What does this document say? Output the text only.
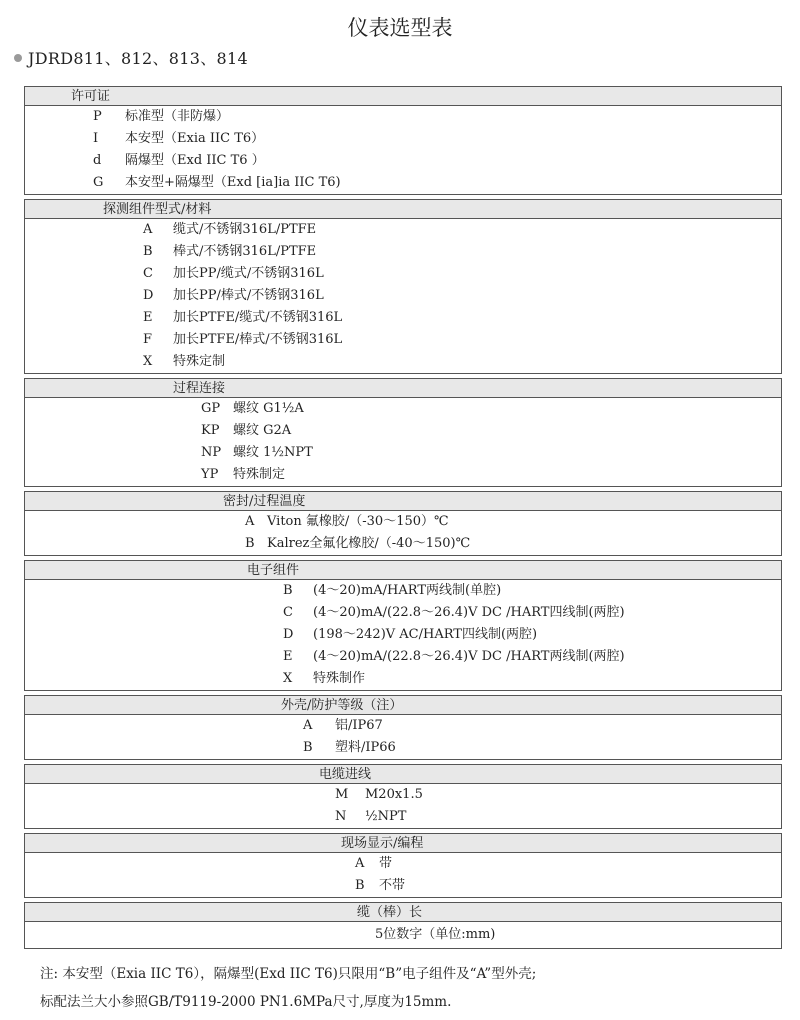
仪表选型表
JDRD811、812、813、814
许可证
P 标准型（非防爆）
I 本安型（Exia IIC T6）
d 隔爆型（Exd IIC T6 ）
G 本安型+隔爆型（Exd [ia]ia IIC T6)
探测组件型式/材料
A 缆式/不锈钢316L/PTFE
B 棒式/不锈钢316L/PTFE
C 加长PP/缆式/不锈钢316L
D 加长PP/棒式/不锈钢316L
E 加长PTFE/缆式/不锈钢316L
F 加长PTFE/棒式/不锈钢316L
X 特殊定制
过程连接
GP 螺纹 G1½A
KP 螺纹 G2A
NP 螺纹 1½NPT
YP 特殊制定
密封/过程温度
A Viton 氟橡胶/（-30～150）℃
B Kalrez全氟化橡胶/（-40～150)℃
电子组件
B (4～20)mA/HART两线制(单腔)
C (4～20)mA/(22.8～26.4)V DC /HART四线制(两腔)
D (198～242)V AC/HART四线制(两腔)
E (4～20)mA/(22.8～26.4)V DC /HART两线制(两腔)
X 特殊制作
外壳/防护等级（注）
A 铝/IP67
B 塑料/IP66
电缆进线
M M20x1.5
N ½NPT
现场显示/编程
A 带
B 不带
缆（棒）长
5位数字（单位:mm)
注: 本安型（Exia IIC T6），隔爆型(Exd IIC T6)只限用“B”电子组件及“A”型外壳;
标配法兰大小参照GB/T9119-2000 PN1.6MPa尺寸,厚度为15mm.
